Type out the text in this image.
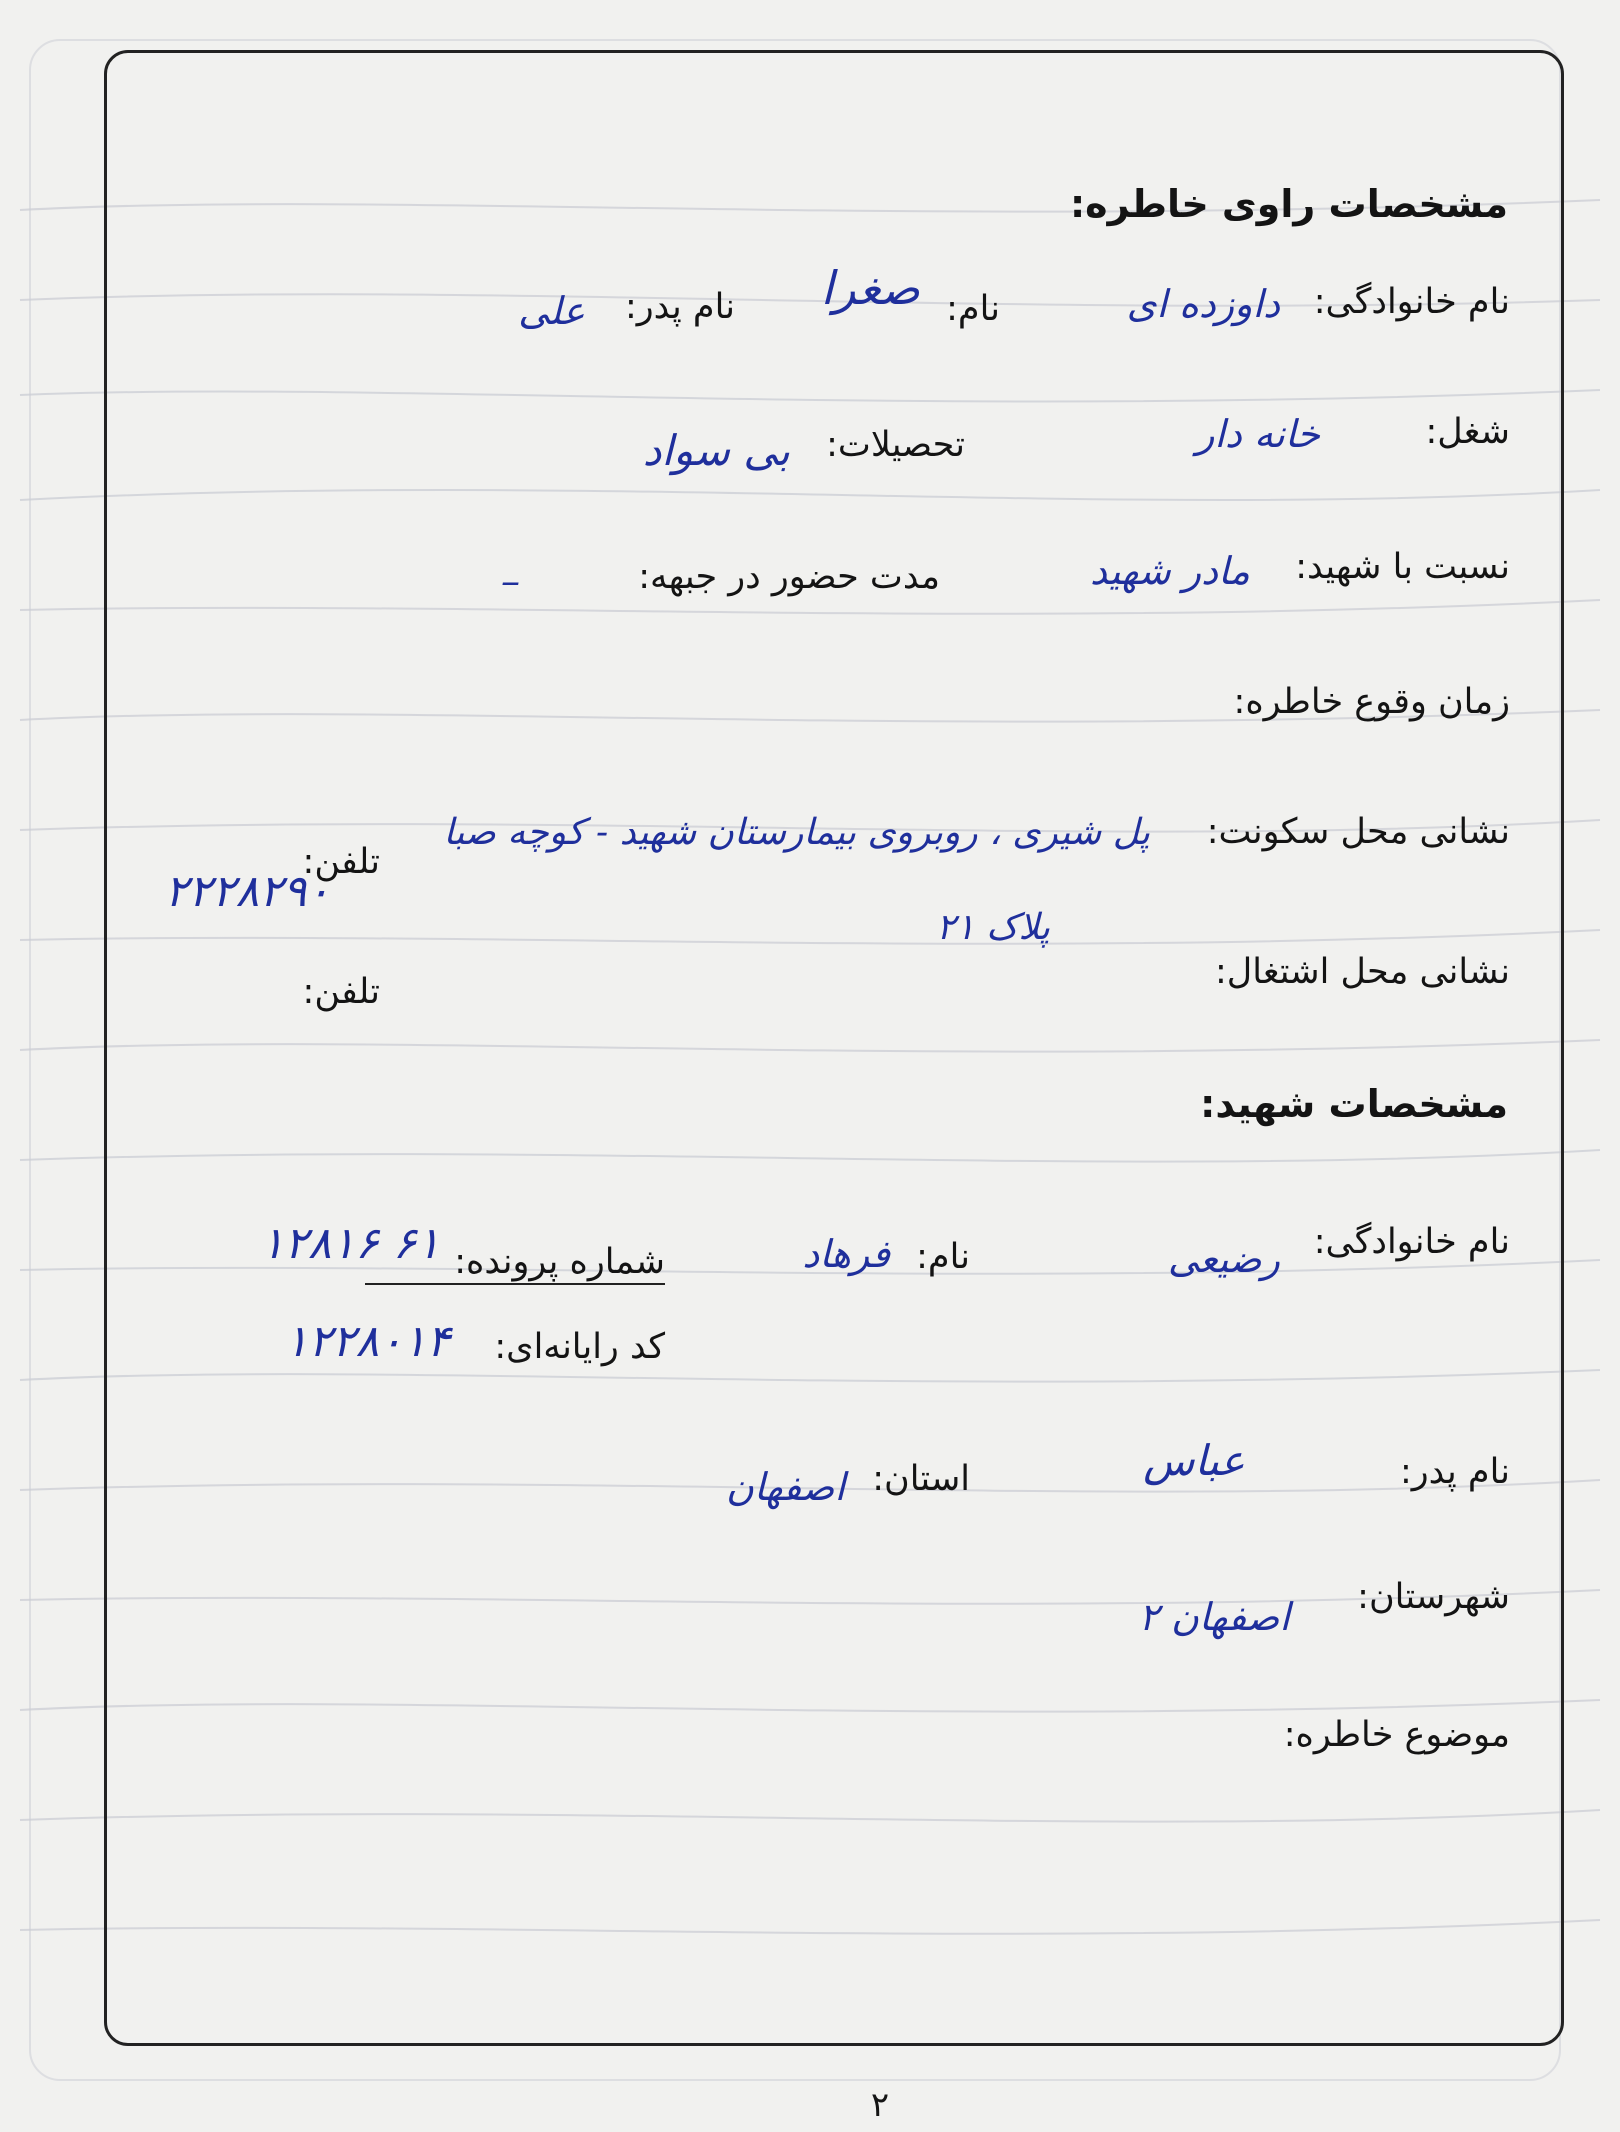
مشخصات راوی خاطره:
نام خانوادگی:
داوزده ای
نام:
صغرا
نام پدر:
علی
شغل:
خانه دار
تحصیلات:
بی سواد
نسبت با شهید:
مادر شهید
مدت حضور در جبهه:
–
زمان وقوع خاطره:
نشانی محل سکونت:
پل شیری ، روبروی بیمارستان شهید - کوچه صبا
پلاک ۲۱
تلفن:
۲۲۲۸۲۹۰
نشانی محل اشتغال:
تلفن:
مشخصات شهید:
نام خانوادگی:
رضیعی
نام:
فرهاد
شماره پرونده:
۱۲۸۱۶ ۶۱
کد رایانه‌ای:
۱۲۲۸۰۱۴
نام پدر:
عباس
استان:
اصفهان
شهرستان:
اصفهان ۲
موضوع خاطره:
۲
